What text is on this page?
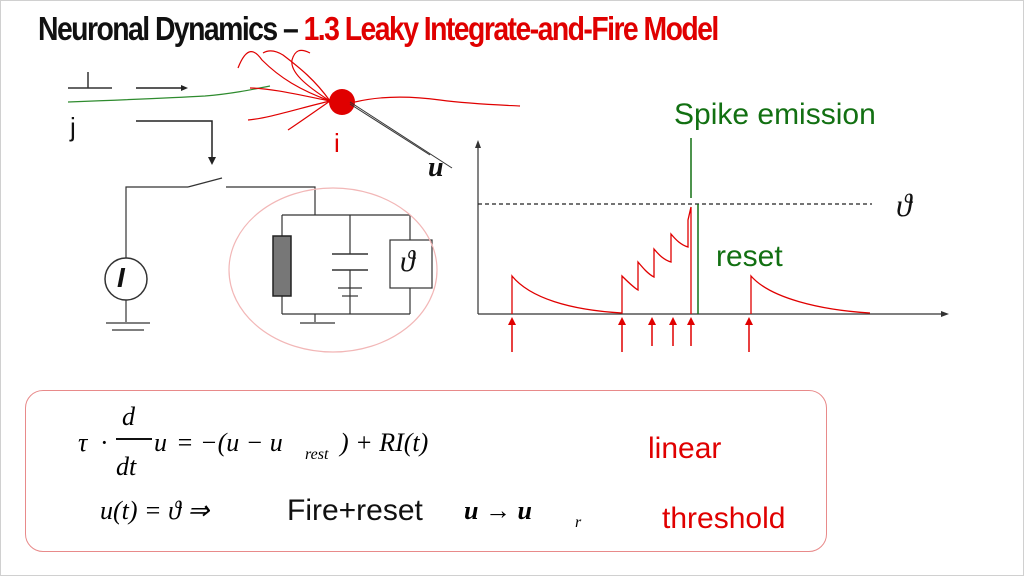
Neuronal Dynamics – 1.3 Leaky Integrate-and-Fire Model
j
i
u
I	ϑ
Spike emission
reset
ϑ
τ ·
d
dt
u = −(u − u rest ) + RI(t)
u(t) = ϑ ⇒	Fire+reset u → u	r
linear
threshold
